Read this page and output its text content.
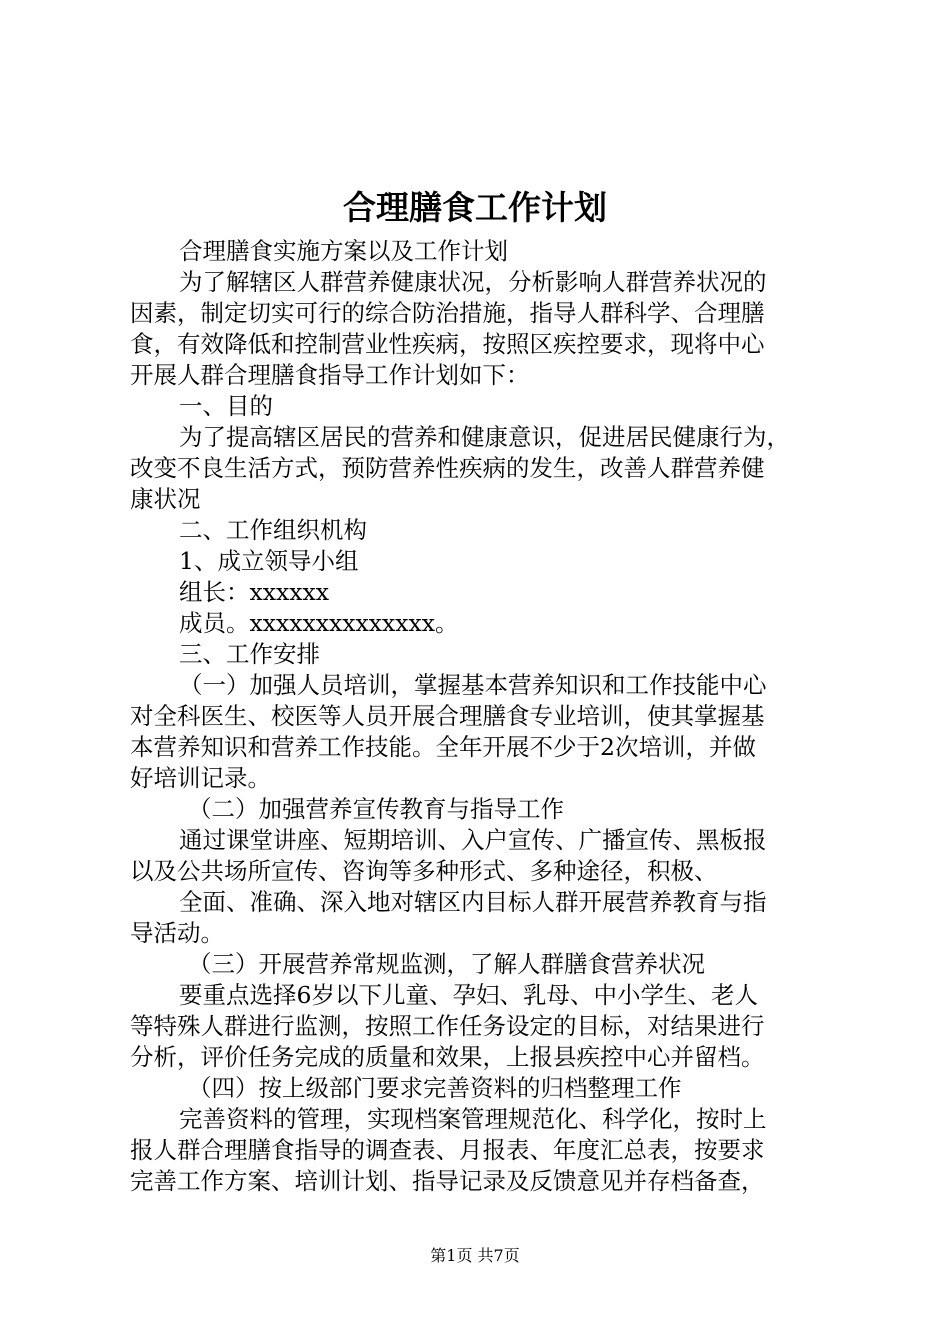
合理膳食工作计划
合理膳食实施方案以及工作计划
为了解辖区人群营养健康状况，分析影响人群营养状况的
因素，制定切实可行的综合防治措施，指导人群科学、合理膳
食，有效降低和控制营业性疾病，按照区疾控要求，现将中心
开展人群合理膳食指导工作计划如下：
一、目的
为了提高辖区居民的营养和健康意识，促进居民健康行为，
改变不良生活方式，预防营养性疾病的发生，改善人群营养健
康状况
二、工作组织机构
1、成立领导小组
组长：xxxxxx
成员。xxxxxxxxxxxxxx。
三、工作安排
（一）加强人员培训，掌握基本营养知识和工作技能中心
对全科医生、校医等人员开展合理膳食专业培训，使其掌握基
本营养知识和营养工作技能。全年开展不少于2次培训，并做
好培训记录。
（二）加强营养宣传教育与指导工作
通过课堂讲座、短期培训、入户宣传、广播宣传、黑板报
以及公共场所宣传、咨询等多种形式、多种途径，积极、
全面、准确、深入地对辖区内目标人群开展营养教育与指
导活动。
（三）开展营养常规监测，了解人群膳食营养状况
要重点选择6岁以下儿童、孕妇、乳母、中小学生、老人
等特殊人群进行监测，按照工作任务设定的目标，对结果进行
分析，评价任务完成的质量和效果，上报县疾控中心并留档。
（四）按上级部门要求完善资料的归档整理工作
完善资料的管理，实现档案管理规范化、科学化，按时上
报人群合理膳食指导的调查表、月报表、年度汇总表，按要求
完善工作方案、培训计划、指导记录及反馈意见并存档备查，
第1页 共7页
